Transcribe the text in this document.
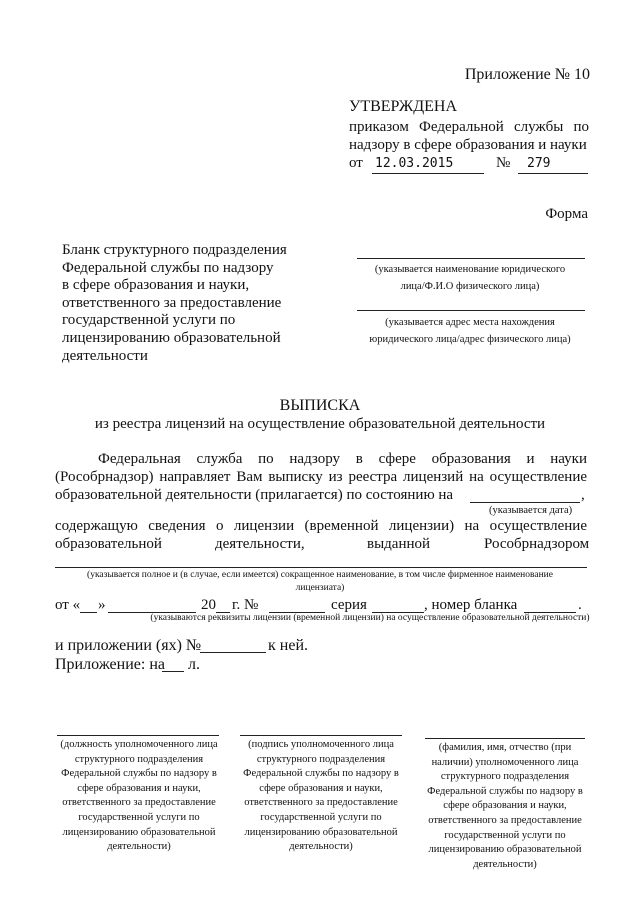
Приложение № 10
УТВЕРЖДЕНА
приказом Федеральной службы по
надзору в сфере образования и науки
от 12.03.2015	№ 279
Форма
Бланк структурного подразделения
Федеральной службы по надзору
в сфере образования и науки,
ответственного за предоставление
государственной услуги по
лицензированию образовательной
деятельности
(указывается наименование юридического
лица/Ф.И.О физического лица)
(указывается адрес места нахождения
юридического лица/адрес физического лица)
ВЫПИСКА
из реестра лицензий на осуществление образовательной деятельности
Федеральная служба по надзору в сфере образования и науки
(Рособрнадзор) направляет Вам выписку из реестра лицензий на осуществление
образовательной деятельности (прилагается) по состоянию на	,
(указывается дата)
содержащую сведения о лицензии (временной лицензии) на осуществление
образовательной	деятельности,	выданной	Рособрнадзором
(указывается полное и (в случае, если имеется) сокращенное наименование, в том числе фирменное наименование
лицензиата)
от « »	20 г. №	серия	, номер бланка	.
(указываются реквизиты лицензии (временной лицензии) на осуществление образовательной деятельности)
и приложении (ях) №	к ней.
Приложение: на л.
(должность уполномоченного лица
структурного подразделения
Федеральной службы по надзору в
сфере образования и науки,
ответственного за предоставление
государственной услуги по
лицензированию образовательной
деятельности)
(подпись уполномоченного лица
структурного подразделения
Федеральной службы по надзору в
сфере образования и науки,
ответственного за предоставление
государственной услуги по
лицензированию образовательной
деятельности)
(фамилия, имя, отчество (при
наличии) уполномоченного лица
структурного подразделения
Федеральной службы по надзору в
сфере образования и науки,
ответственного за предоставление
государственной услуги по
лицензированию образовательной
деятельности)
